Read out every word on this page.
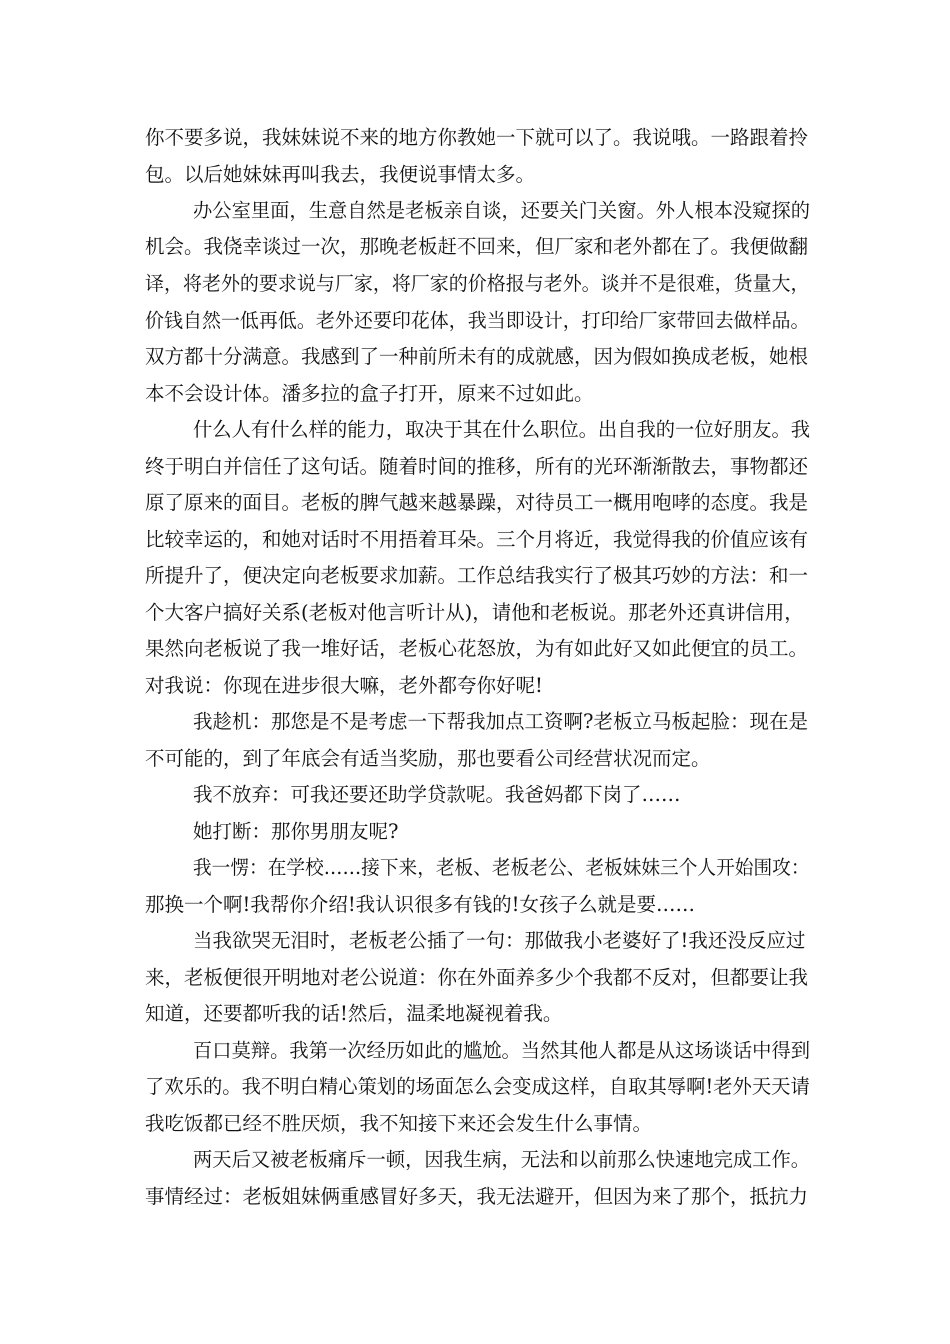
你不要多说，我妹妹说不来的地方你教她一下就可以了。我说哦。一路跟着拎
包。以后她妹妹再叫我去，我便说事情太多。
办公室里面，生意自然是老板亲自谈，还要关门关窗。外人根本没窥探的
机会。我侥幸谈过一次，那晚老板赶不回来，但厂家和老外都在了。我便做翻
译，将老外的要求说与厂家，将厂家的价格报与老外。谈并不是很难，货量大，
价钱自然一低再低。老外还要印花体，我当即设计，打印给厂家带回去做样品。
双方都十分满意。我感到了一种前所未有的成就感，因为假如换成老板，她根
本不会设计体。潘多拉的盒子打开，原来不过如此。
什么人有什么样的能力，取决于其在什么职位。出自我的一位好朋友。我
终于明白并信任了这句话。随着时间的推移，所有的光环渐渐散去，事物都还
原了原来的面目。老板的脾气越来越暴躁，对待员工一概用咆哮的态度。我是
比较幸运的，和她对话时不用捂着耳朵。三个月将近，我觉得我的价值应该有
所提升了，便决定向老板要求加薪。工作总结我实行了极其巧妙的方法：和一
个大客户搞好关系(老板对他言听计从)，请他和老板说。那老外还真讲信用，
果然向老板说了我一堆好话，老板心花怒放，为有如此好又如此便宜的员工。
对我说：你现在进步很大嘛，老外都夸你好呢!
我趁机：那您是不是考虑一下帮我加点工资啊?老板立马板起脸：现在是
不可能的，到了年底会有适当奖励，那也要看公司经营状况而定。
我不放弃：可我还要还助学贷款呢。我爸妈都下岗了……
她打断：那你男朋友呢?
我一愣：在学校……接下来，老板、老板老公、老板妹妹三个人开始围攻：
那换一个啊!我帮你介绍!我认识很多有钱的!女孩子么就是要……
当我欲哭无泪时，老板老公插了一句：那做我小老婆好了!我还没反应过
来，老板便很开明地对老公说道：你在外面养多少个我都不反对，但都要让我
知道，还要都听我的话!然后，温柔地凝视着我。
百口莫辩。我第一次经历如此的尴尬。当然其他人都是从这场谈话中得到
了欢乐的。我不明白精心策划的场面怎么会变成这样，自取其辱啊!老外天天请
我吃饭都已经不胜厌烦，我不知接下来还会发生什么事情。
两天后又被老板痛斥一顿，因我生病，无法和以前那么快速地完成工作。
事情经过：老板姐妹俩重感冒好多天，我无法避开，但因为来了那个，抵抗力
